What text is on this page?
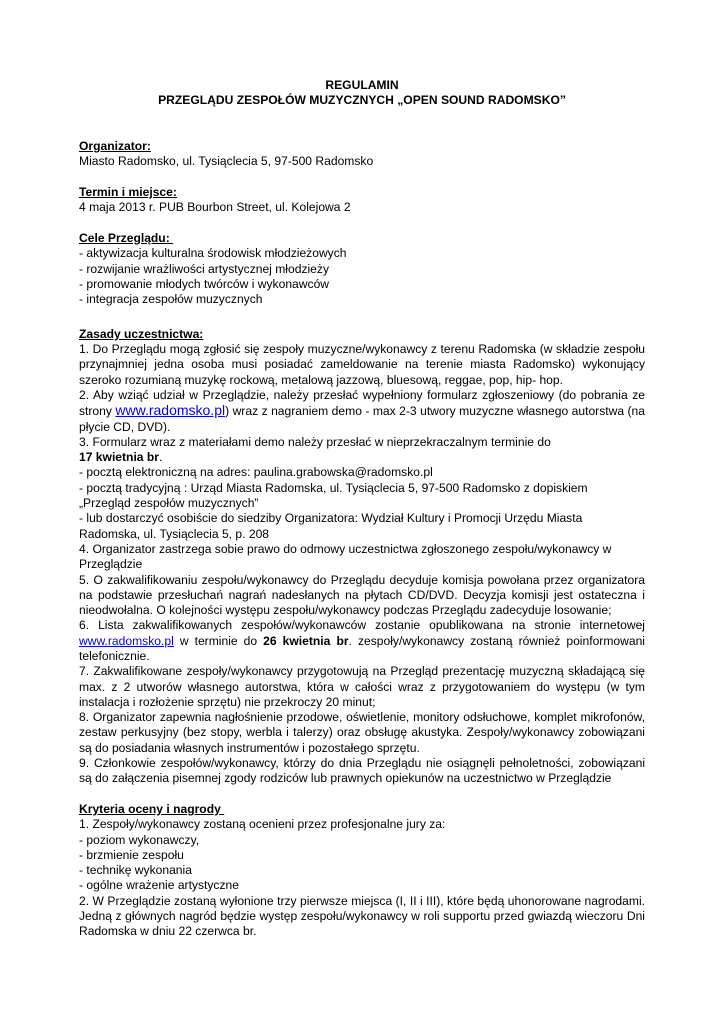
REGULAMIN

PRZEGLĄDU ZESPOŁÓW MUZYCZNYCH „OPEN SOUND RADOMSKO”

Organizator:

Miasto Radomsko, ul. Tysiąclecia 5, 97-500 Radomsko

Termin i miejsce:

4 maja 2013 r. PUB Bourbon Street, ul. Kolejowa 2

Cele Przeglądu:

- aktywizacja kulturalna środowisk młodzieżowych

- rozwijanie wrażliwości artystycznej młodzieży

- promowanie młodych twórców i wykonawców

- integracja zespołów muzycznych

Zasady uczestnictwa:

1. Do Przeglądu mogą zgłosić się zespoły muzyczne/wykonawcy z terenu Radomska (w składzie zespołu przynajmniej jedna osoba musi posiadać zameldowanie na terenie miasta Radomsko) wykonujący szeroko rozumianą muzykę rockową, metalową jazzową, bluesową, reggae, pop, hip- hop.

2. Aby wziąć udział w Przeglądzie, należy przesłać wypełniony formularz zgłoszeniowy (do pobrania ze strony www.radomsko.pl) wraz z nagraniem demo - max 2-3 utwory muzyczne własnego autorstwa (na płycie CD, DVD).

3. Formularz wraz z materiałami demo należy przesłać w nieprzekraczalnym terminie do

17 kwietnia br.

- pocztą elektroniczną na adres: paulina.grabowska@radomsko.pl

- pocztą tradycyjną : Urząd Miasta Radomska, ul. Tysiąclecia 5, 97-500 Radomsko z dopiskiem

„Przegląd zespołów muzycznych”

- lub dostarczyć osobiście do siedziby Organizatora: Wydział Kultury i Promocji Urzędu Miasta Radomska, ul. Tysiąclecia 5, p. 208

4. Organizator zastrzega sobie prawo do odmowy uczestnictwa zgłoszonego zespołu/wykonawcy w Przeglądzie

5. O zakwalifikowaniu zespołu/wykonawcy do Przeglądu decyduje komisja powołana przez organizatora na podstawie przesłuchań nagrań nadesłanych na płytach CD/DVD. Decyzja komisji jest ostateczna i nieodwołalna. O kolejności występu zespołu/wykonawcy podczas Przeglądu zadecyduje losowanie;

6. Lista zakwalifikowanych zespołów/wykonawców zostanie opublikowana na stronie internetowej www.radomsko.pl w terminie do 26 kwietnia br. zespoły/wykonawcy zostaną również poinformowani telefonicznie.

7. Zakwalifikowane zespoły/wykonawcy przygotowują na Przegląd prezentację muzyczną składającą się max. z 2 utworów własnego autorstwa, która w całości wraz z przygotowaniem do występu (w tym instalacja i rozłożenie sprzętu) nie przekroczy 20 minut;

8. Organizator zapewnia nagłośnienie przodowe, oświetlenie, monitory odsłuchowe, komplet mikrofonów, zestaw perkusyjny (bez stopy, werbla i talerzy) oraz obsługę akustyka. Zespoły/wykonawcy zobowiązani są do posiadania własnych instrumentów i pozostałego sprzętu.

9. Członkowie zespołów/wykonawcy, którzy do dnia Przeglądu nie osiągnęli pełnoletności, zobowiązani są do załączenia pisemnej zgody rodziców lub prawnych opiekunów na uczestnictwo w Przeglądzie

Kryteria oceny i nagrody

1. Zespoły/wykonawcy zostaną ocenieni przez profesjonalne jury za:

- poziom wykonawczy,

- brzmienie zespołu

- technikę wykonania

- ogólne wrażenie artystyczne

2. W Przeglądzie zostaną wyłonione trzy pierwsze miejsca (I, II i III), które będą uhonorowane nagrodami. Jedną z głównych nagród będzie występ zespołu/wykonawcy w roli supportu przed gwiazdą wieczoru Dni Radomska w dniu 22 czerwca br.
